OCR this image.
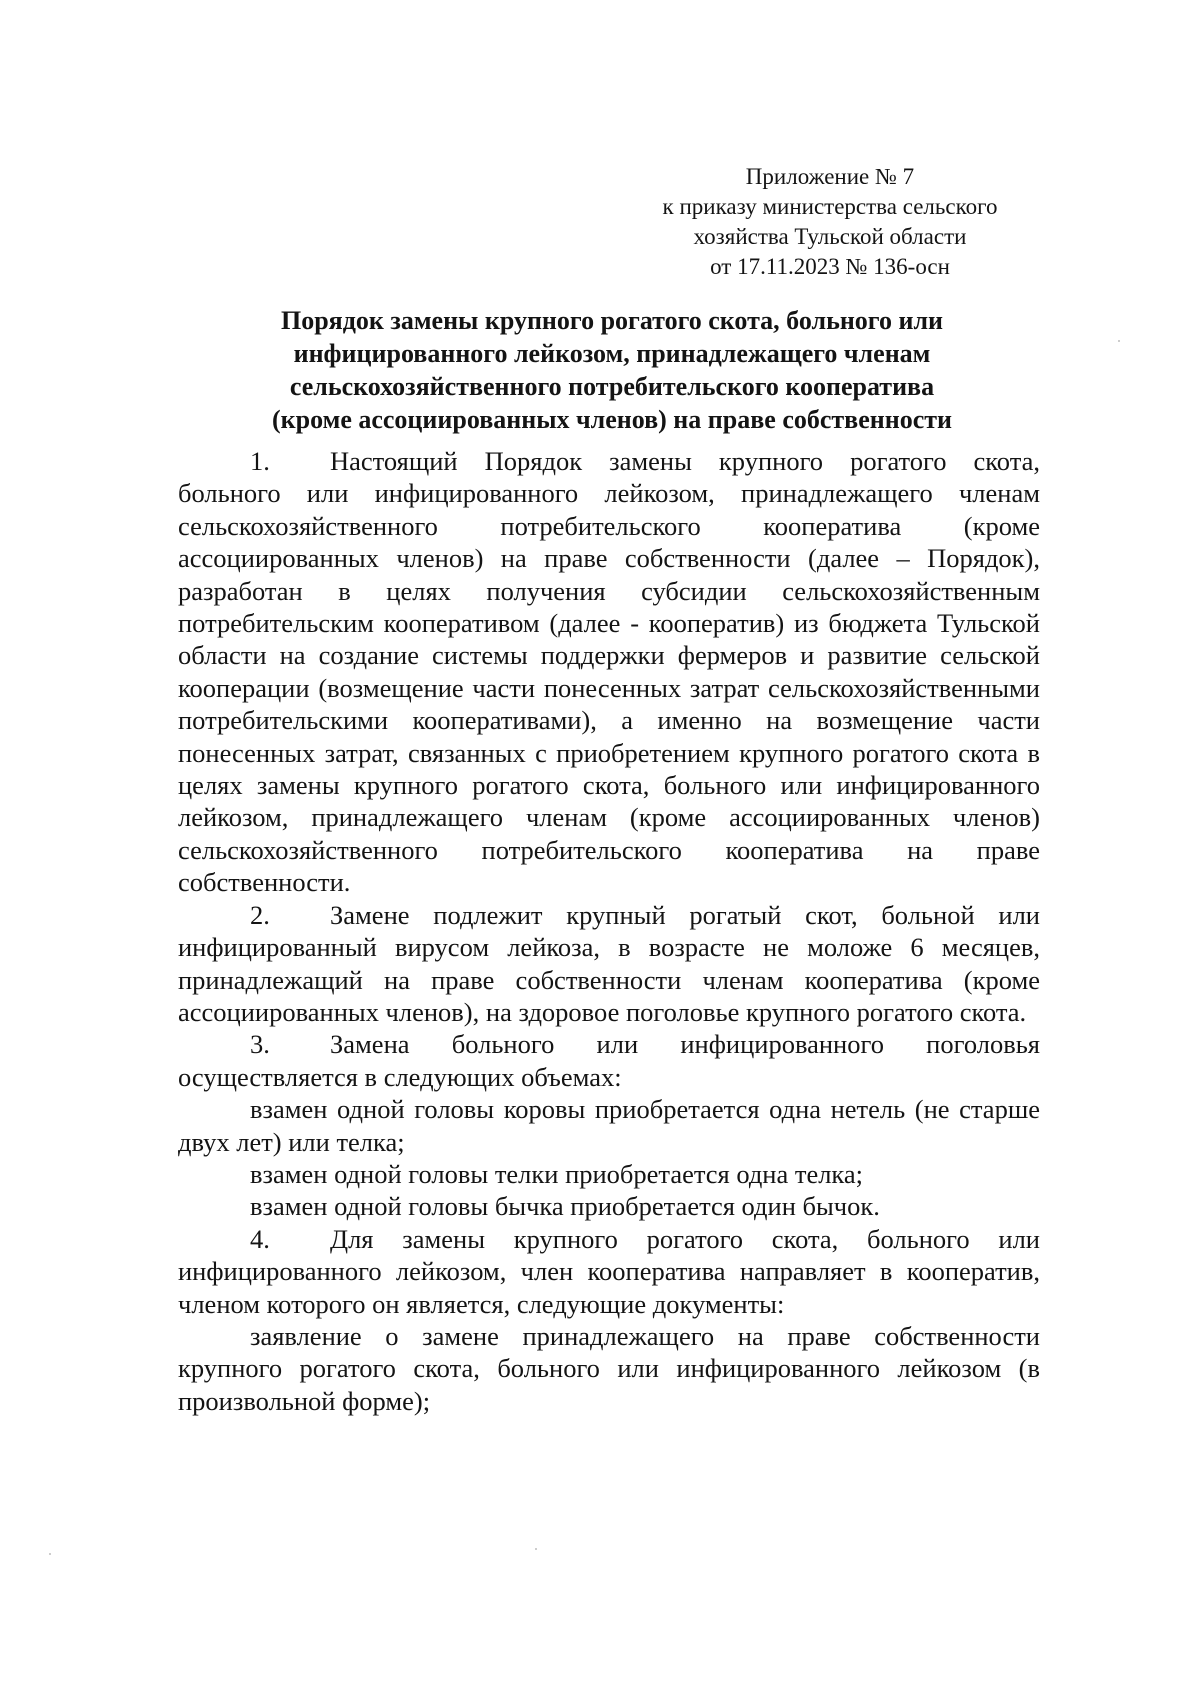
Приложение № 7
к приказу министерства сельского
хозяйства Тульской области
от 17.11.2023 № 136-осн
Порядок замены крупного рогатого скота, больного или
инфицированного лейкозом, принадлежащего членам
сельскохозяйственного потребительского кооператива
(кроме ассоциированных членов) на праве собственности

1. Настоящий Порядок замены крупного рогатого скота, больного или инфицированного лейкозом, принадлежащего членам сельскохозяйственного потребительского кооператива (кроме ассоциированных членов) на праве собственности (далее – Порядок), разработан в целях получения субсидии сельскохозяйственным потребительским кооперативом (далее - кооператив) из бюджета Тульской области на создание системы поддержки фермеров и развитие сельской кооперации (возмещение части понесенных затрат сельскохозяйственными потребительскими кооперативами), а именно на возмещение части понесенных затрат, связанных с приобретением крупного рогатого скота в целях замены крупного рогатого скота, больного или инфицированного лейкозом, принадлежащего членам (кроме ассоциированных членов) сельскохозяйственного потребительского кооператива на праве собственности.

2. Замене подлежит крупный рогатый скот, больной или инфицированный вирусом лейкоза, в возрасте не моложе 6 месяцев, принадлежащий на праве собственности членам кооператива (кроме ассоциированных членов), на здоровое поголовье крупного рогатого скота.

3. Замена больного или инфицированного поголовья осуществляется в следующих объемах:

взамен одной головы коровы приобретается одна нетель (не старше двух лет) или телка;

взамен одной головы телки приобретается одна телка;

взамен одной головы бычка приобретается один бычок.

4. Для замены крупного рогатого скота, больного или инфицированного лейкозом, член кооператива направляет в кооператив, членом которого он является, следующие документы:

заявление о замене принадлежащего на праве собственности крупного рогатого скота, больного или инфицированного лейкозом (в произвольной форме);
